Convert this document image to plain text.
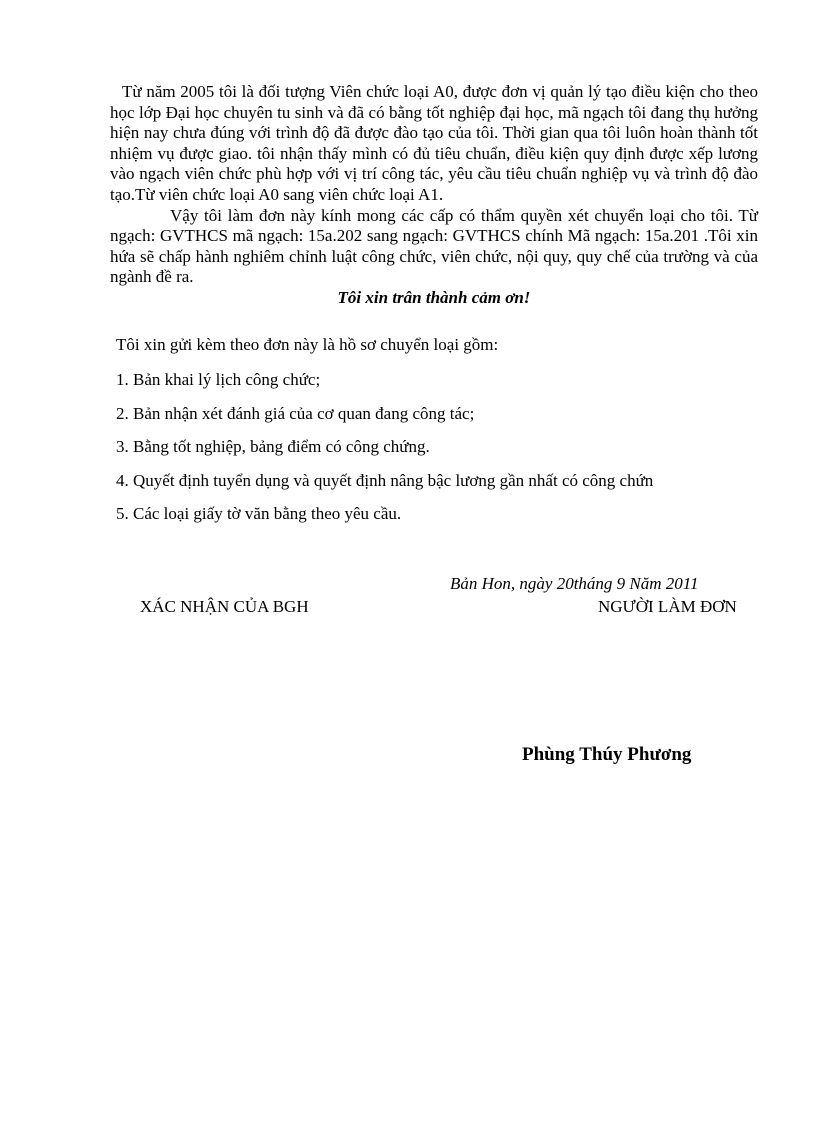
Từ năm 2005 tôi là đối tượng Viên chức loại A0, được đơn vị quản lý tạo điều kiện cho theo học lớp Đại học chuyên tu sinh và đã có bằng tốt nghiệp đại học, mã ngạch tôi đang thụ hưởng hiện nay chưa đúng với trình độ đã được đào tạo của tôi. Thời gian qua tôi luôn hoàn thành tốt nhiệm vụ được giao. tôi nhận thấy mình có đủ tiêu chuẩn, điều kiện quy định được xếp lương vào ngạch viên chức phù hợp với vị trí công tác, yêu cầu tiêu chuẩn nghiệp vụ và trình độ đào tạo.Từ viên chức loại A0 sang viên chức loại A1.

Vậy tôi làm đơn này kính mong các cấp có thẩm quyền xét chuyển loại cho tôi. Từ ngạch: GVTHCS mã ngạch: 15a.202 sang ngạch: GVTHCS chính Mã ngạch: 15a.201 .Tôi xin hứa sẽ chấp hành nghiêm chỉnh luật công chức, viên chức, nội quy, quy chế của trường và của ngành đề ra.

Tôi xin trân thành cảm ơn!

Tôi xin gửi kèm theo đơn này là hồ sơ chuyển loại gồm:
1. Bản khai lý lịch công chức;
2. Bản nhận xét đánh giá của cơ quan đang công tác;
3. Bằng tốt nghiệp, bảng điểm có công chứng.
4. Quyết định tuyển dụng và quyết định nâng bậc lương gần nhất có công chứn
5. Các loại giấy tờ văn bằng theo yêu cầu.
Bản Hon, ngày 20tháng 9 Năm 2011
XÁC NHẬN CỦA BGH	NGƯỜI LÀM ĐƠN
Phùng Thúy Phương
